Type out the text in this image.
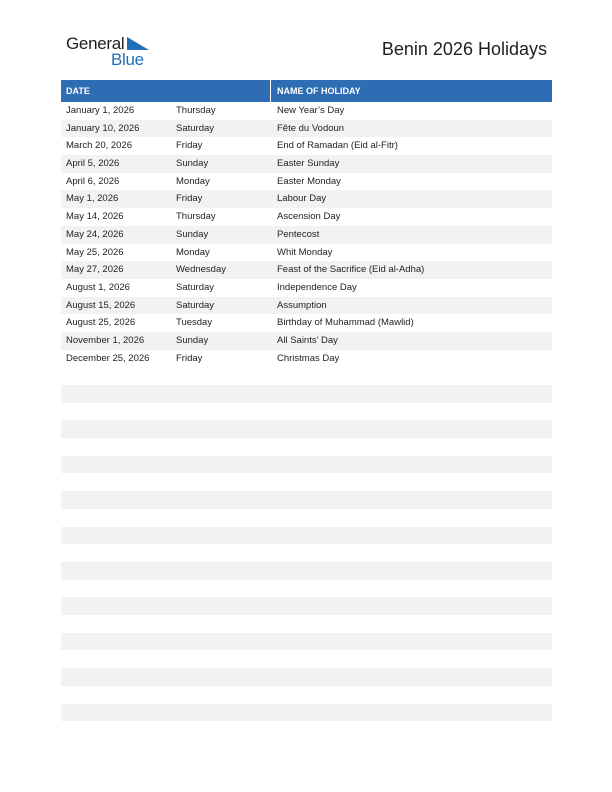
General
Blue
Benin 2026 Holidays
DATE	NAME OF HOLIDAY
January 1, 2026	Thursday	New Year’s Day
January 10, 2026	Saturday	Fête du Vodoun
March 20, 2026	Friday	End of Ramadan (Eid al-Fitr)
April 5, 2026	Sunday	Easter Sunday
April 6, 2026	Monday	Easter Monday
May 1, 2026	Friday	Labour Day
May 14, 2026	Thursday	Ascension Day
May 24, 2026	Sunday	Pentecost
May 25, 2026	Monday	Whit Monday
May 27, 2026	Wednesday	Feast of the Sacrifice (Eid al-Adha)
August 1, 2026	Saturday	Independence Day
August 15, 2026	Saturday	Assumption
August 25, 2026	Tuesday	Birthday of Muhammad (Mawlid)
November 1, 2026	Sunday	All Saints’ Day
December 25, 2026	Friday	Christmas Day
